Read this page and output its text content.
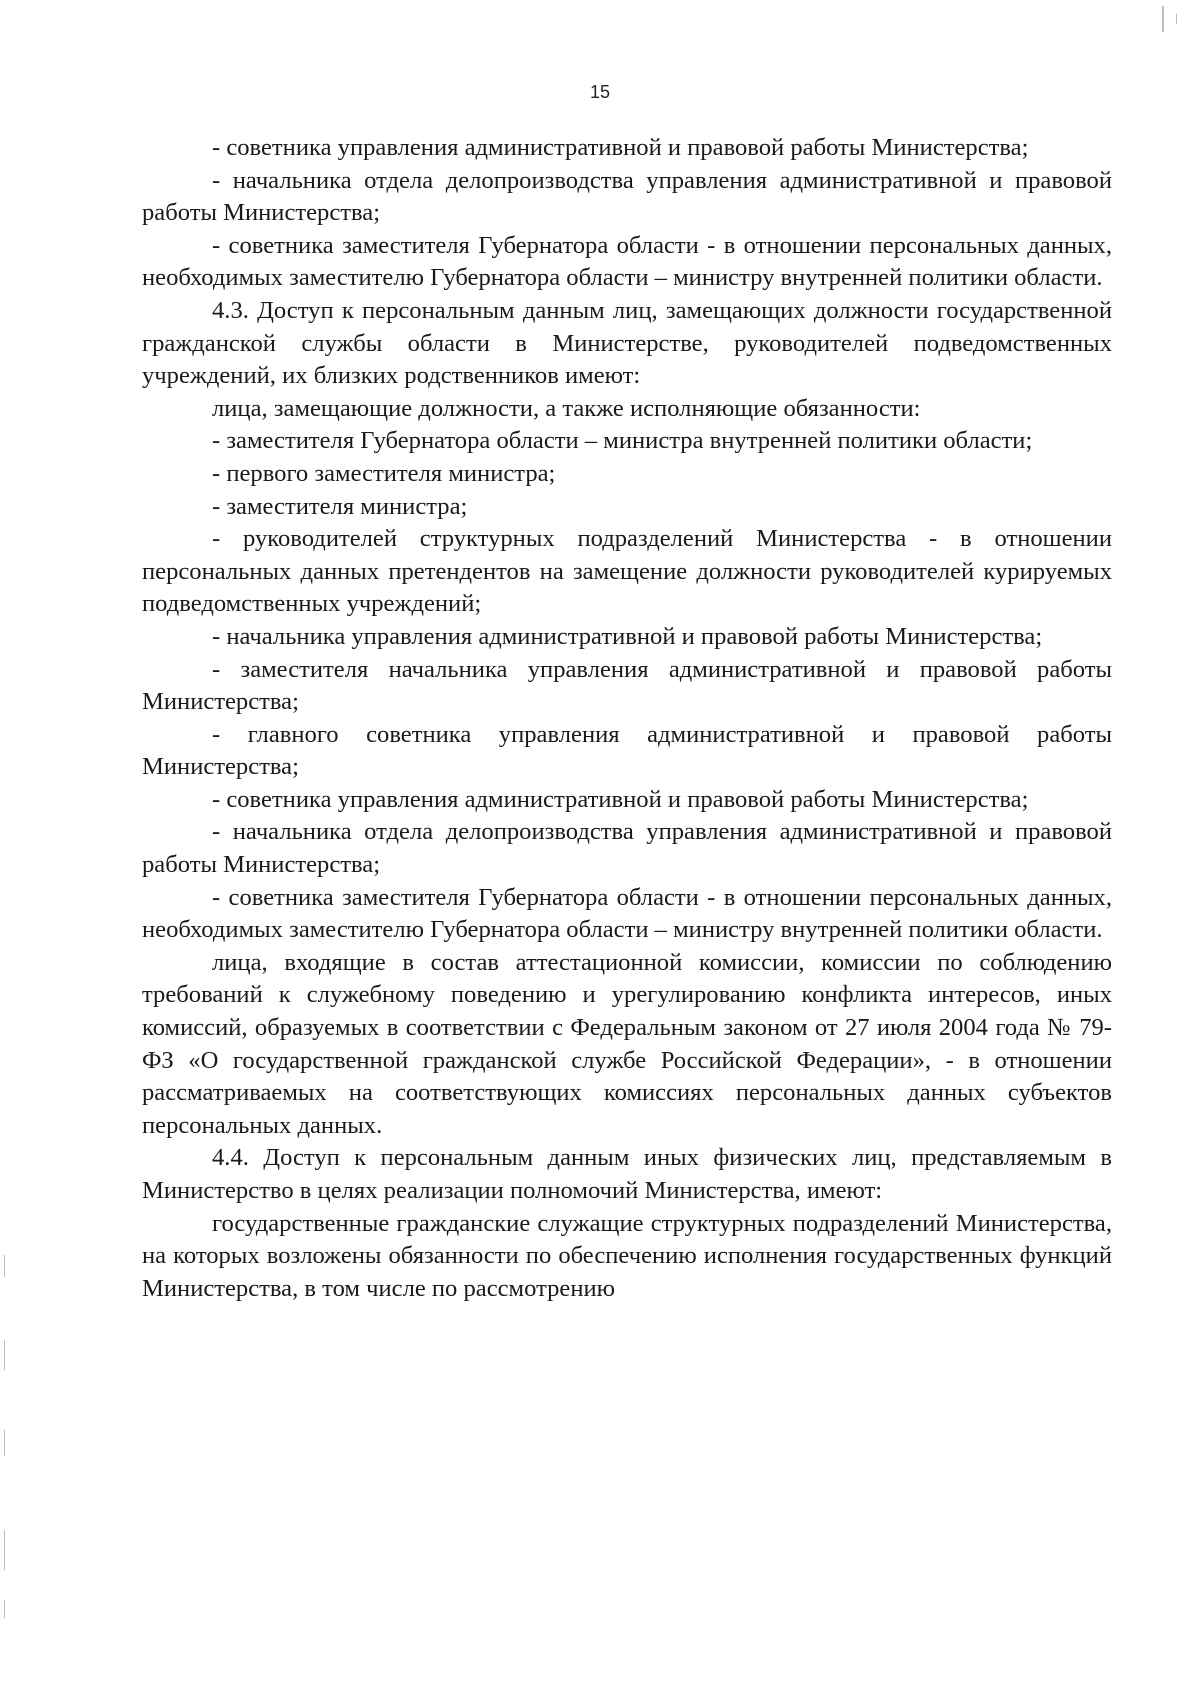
15

- советника управления административной и правовой работы Министерства;

- начальника отдела делопроизводства управления административной и правовой работы Министерства;

- советника заместителя Губернатора области - в отношении персональных данных, необходимых заместителю Губернатора области – министру внутренней политики области.

4.3. Доступ к персональным данным лиц, замещающих должности государственной гражданской службы области в Министерстве, руководителей подведомственных учреждений, их близких родственников имеют:

лица, замещающие должности, а также исполняющие обязанности:

- заместителя Губернатора области – министра внутренней политики области;

- первого заместителя министра;

- заместителя министра;

- руководителей структурных подразделений Министерства - в отношении персональных данных претендентов на замещение должности руководителей курируемых подведомственных учреждений;

- начальника управления административной и правовой работы Министерства;

- заместителя начальника управления административной и правовой работы Министерства;

- главного советника управления административной и правовой работы Министерства;

- советника управления административной и правовой работы Министерства;

- начальника отдела делопроизводства управления административной и правовой работы Министерства;

- советника заместителя Губернатора области - в отношении персональных данных, необходимых заместителю Губернатора области – министру внутренней политики области.

лица, входящие в состав аттестационной комиссии, комиссии по соблюдению требований к служебному поведению и урегулированию конфликта интересов, иных комиссий, образуемых в соответствии с Федеральным законом от 27 июля 2004 года № 79-ФЗ «О государственной гражданской службе Российской Федерации», - в отношении рассматриваемых на соответствующих комиссиях персональных данных субъектов персональных данных.

4.4. Доступ к персональным данным иных физических лиц, представляемым в Министерство в целях реализации полномочий Министерства, имеют:

государственные гражданские служащие структурных подразделений Министерства, на которых возложены обязанности по обеспечению исполнения государственных функций Министерства, в том числе по рассмотрению
